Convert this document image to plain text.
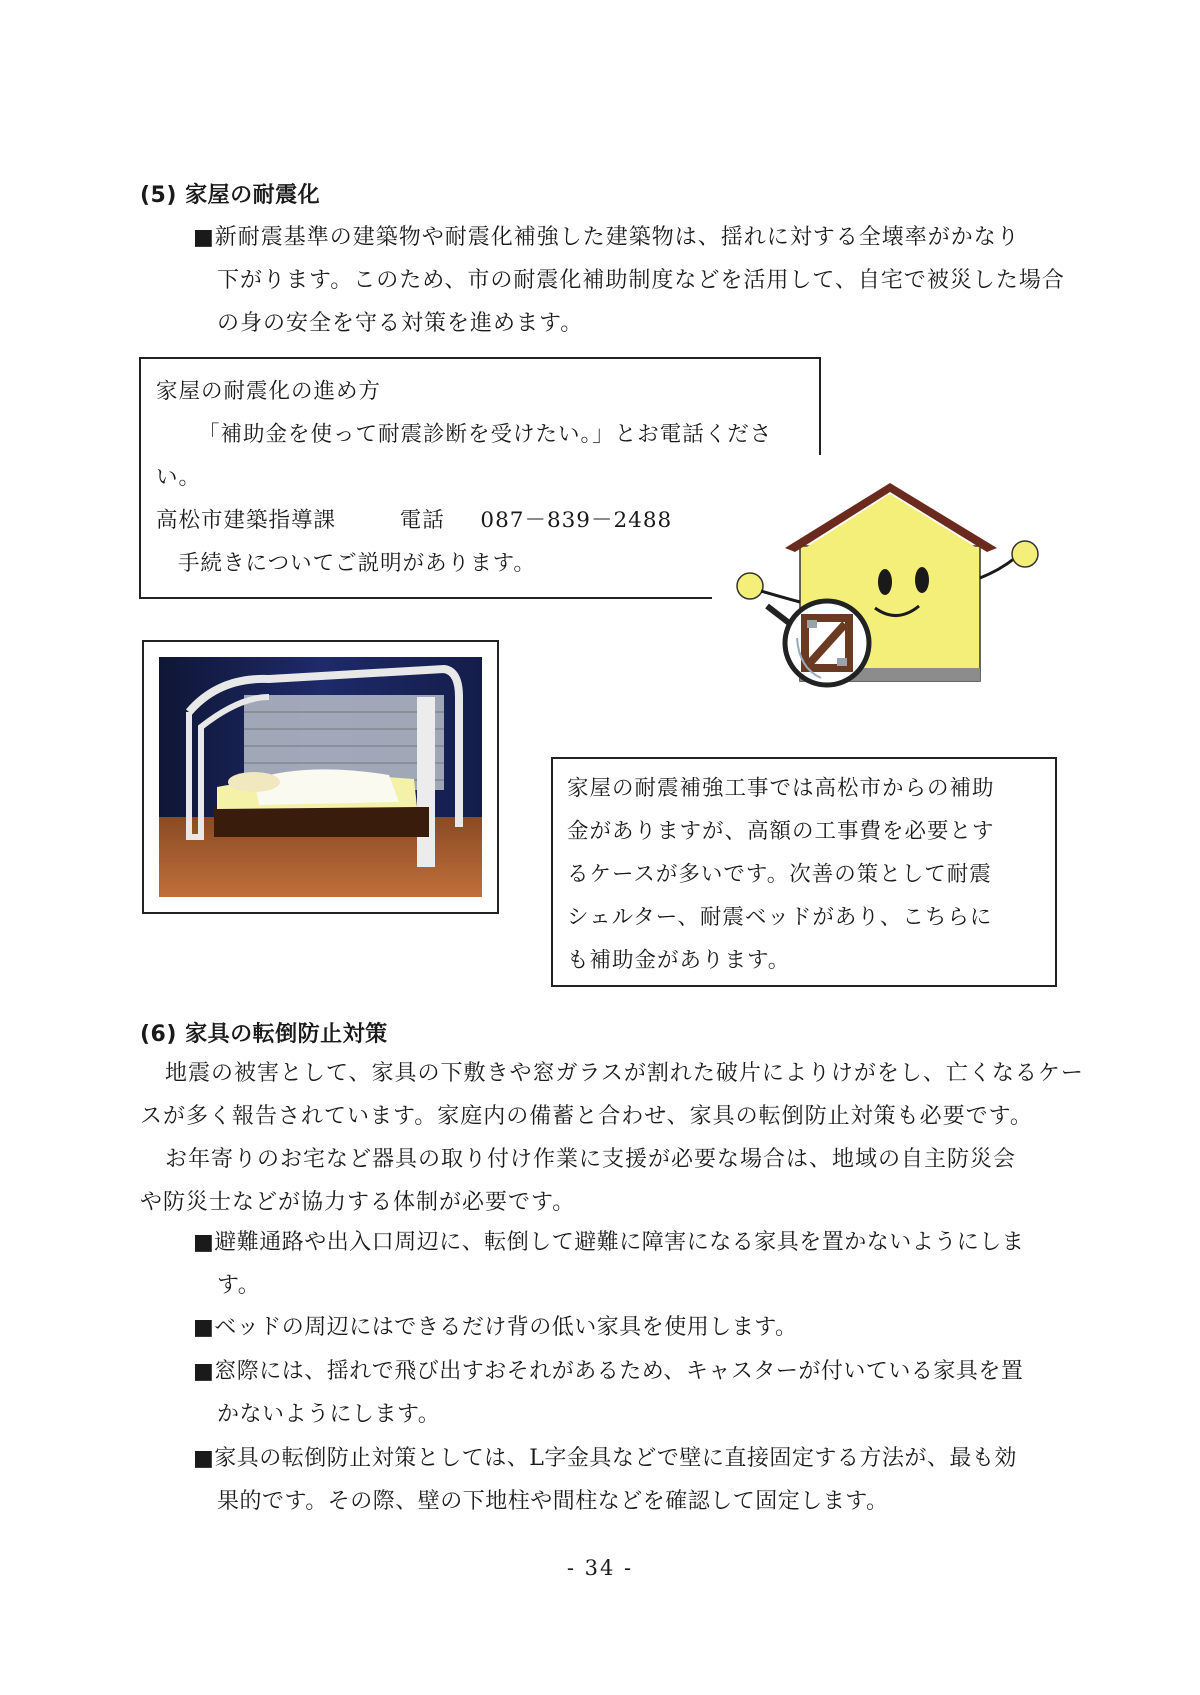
(5) 家屋の耐震化
■新耐震基準の建築物や耐震化補強した建築物は、揺れに対する全壊率がかなり
下がります。このため、市の耐震化補助制度などを活用して、自宅で被災した場合
の身の安全を守る対策を進めます。
家屋の耐震化の進め方
「補助金を使って耐震診断を受けたい。」とお電話くださ
い。
高松市建築指導課	電話 087－839－2488
手続きについてご説明があります。
家屋の耐震補強工事では高松市からの補助
金がありますが、高額の工事費を必要とす
るケースが多いです。次善の策として耐震
シェルター、耐震ベッドがあり、こちらに
も補助金があります。
(6) 家具の転倒防止対策
地震の被害として、家具の下敷きや窓ガラスが割れた破片によりけがをし、亡くなるケー
スが多く報告されています。家庭内の備蓄と合わせ、家具の転倒防止対策も必要です。
お年寄りのお宅など器具の取り付け作業に支援が必要な場合は、地域の自主防災会
や防災士などが協力する体制が必要です。
■避難通路や出入口周辺に、転倒して避難に障害になる家具を置かないようにしま
す。
■ベッドの周辺にはできるだけ背の低い家具を使用します。
■窓際には、揺れで飛び出すおそれがあるため、キャスターが付いている家具を置
かないようにします。
■家具の転倒防止対策としては、L字金具などで壁に直接固定する方法が、最も効
果的です。その際、壁の下地柱や間柱などを確認して固定します。
- 34 -
